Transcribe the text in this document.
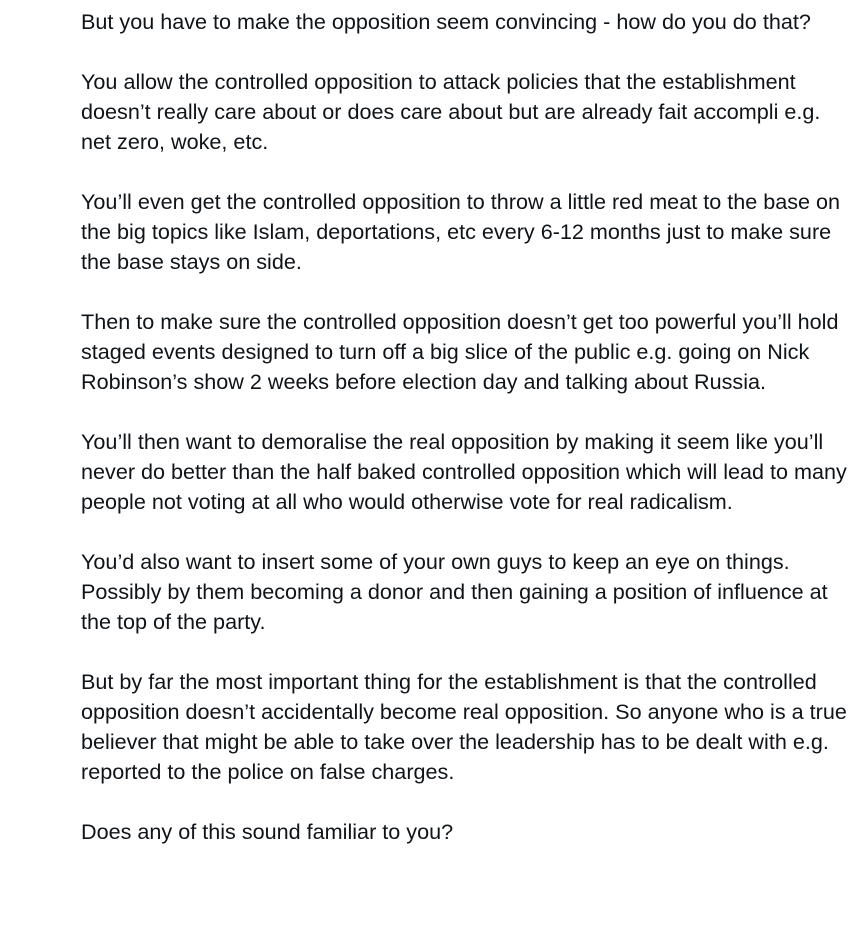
But you have to make the opposition seem convincing - how do you do that?

You allow the controlled opposition to attack policies that the establishment doesn’t really care about or does care about but are already fait accompli e.g. net zero, woke, etc.

You’ll even get the controlled opposition to throw a little red meat to the base on the big topics like Islam, deportations, etc every 6-12 months just to make sure the base stays on side.

Then to make sure the controlled opposition doesn’t get too powerful you’ll hold staged events designed to turn off a big slice of the public e.g. going on Nick Robinson’s show 2 weeks before election day and talking about Russia.

You’ll then want to demoralise the real opposition by making it seem like you’ll never do better than the half baked controlled opposition which will lead to many people not voting at all who would otherwise vote for real radicalism.

You’d also want to insert some of your own guys to keep an eye on things. Possibly by them becoming a donor and then gaining a position of influence at the top of the party.

But by far the most important thing for the establishment is that the controlled opposition doesn’t accidentally become real opposition. So anyone who is a true believer that might be able to take over the leadership has to be dealt with e.g. reported to the police on false charges.

Does any of this sound familiar to you?
